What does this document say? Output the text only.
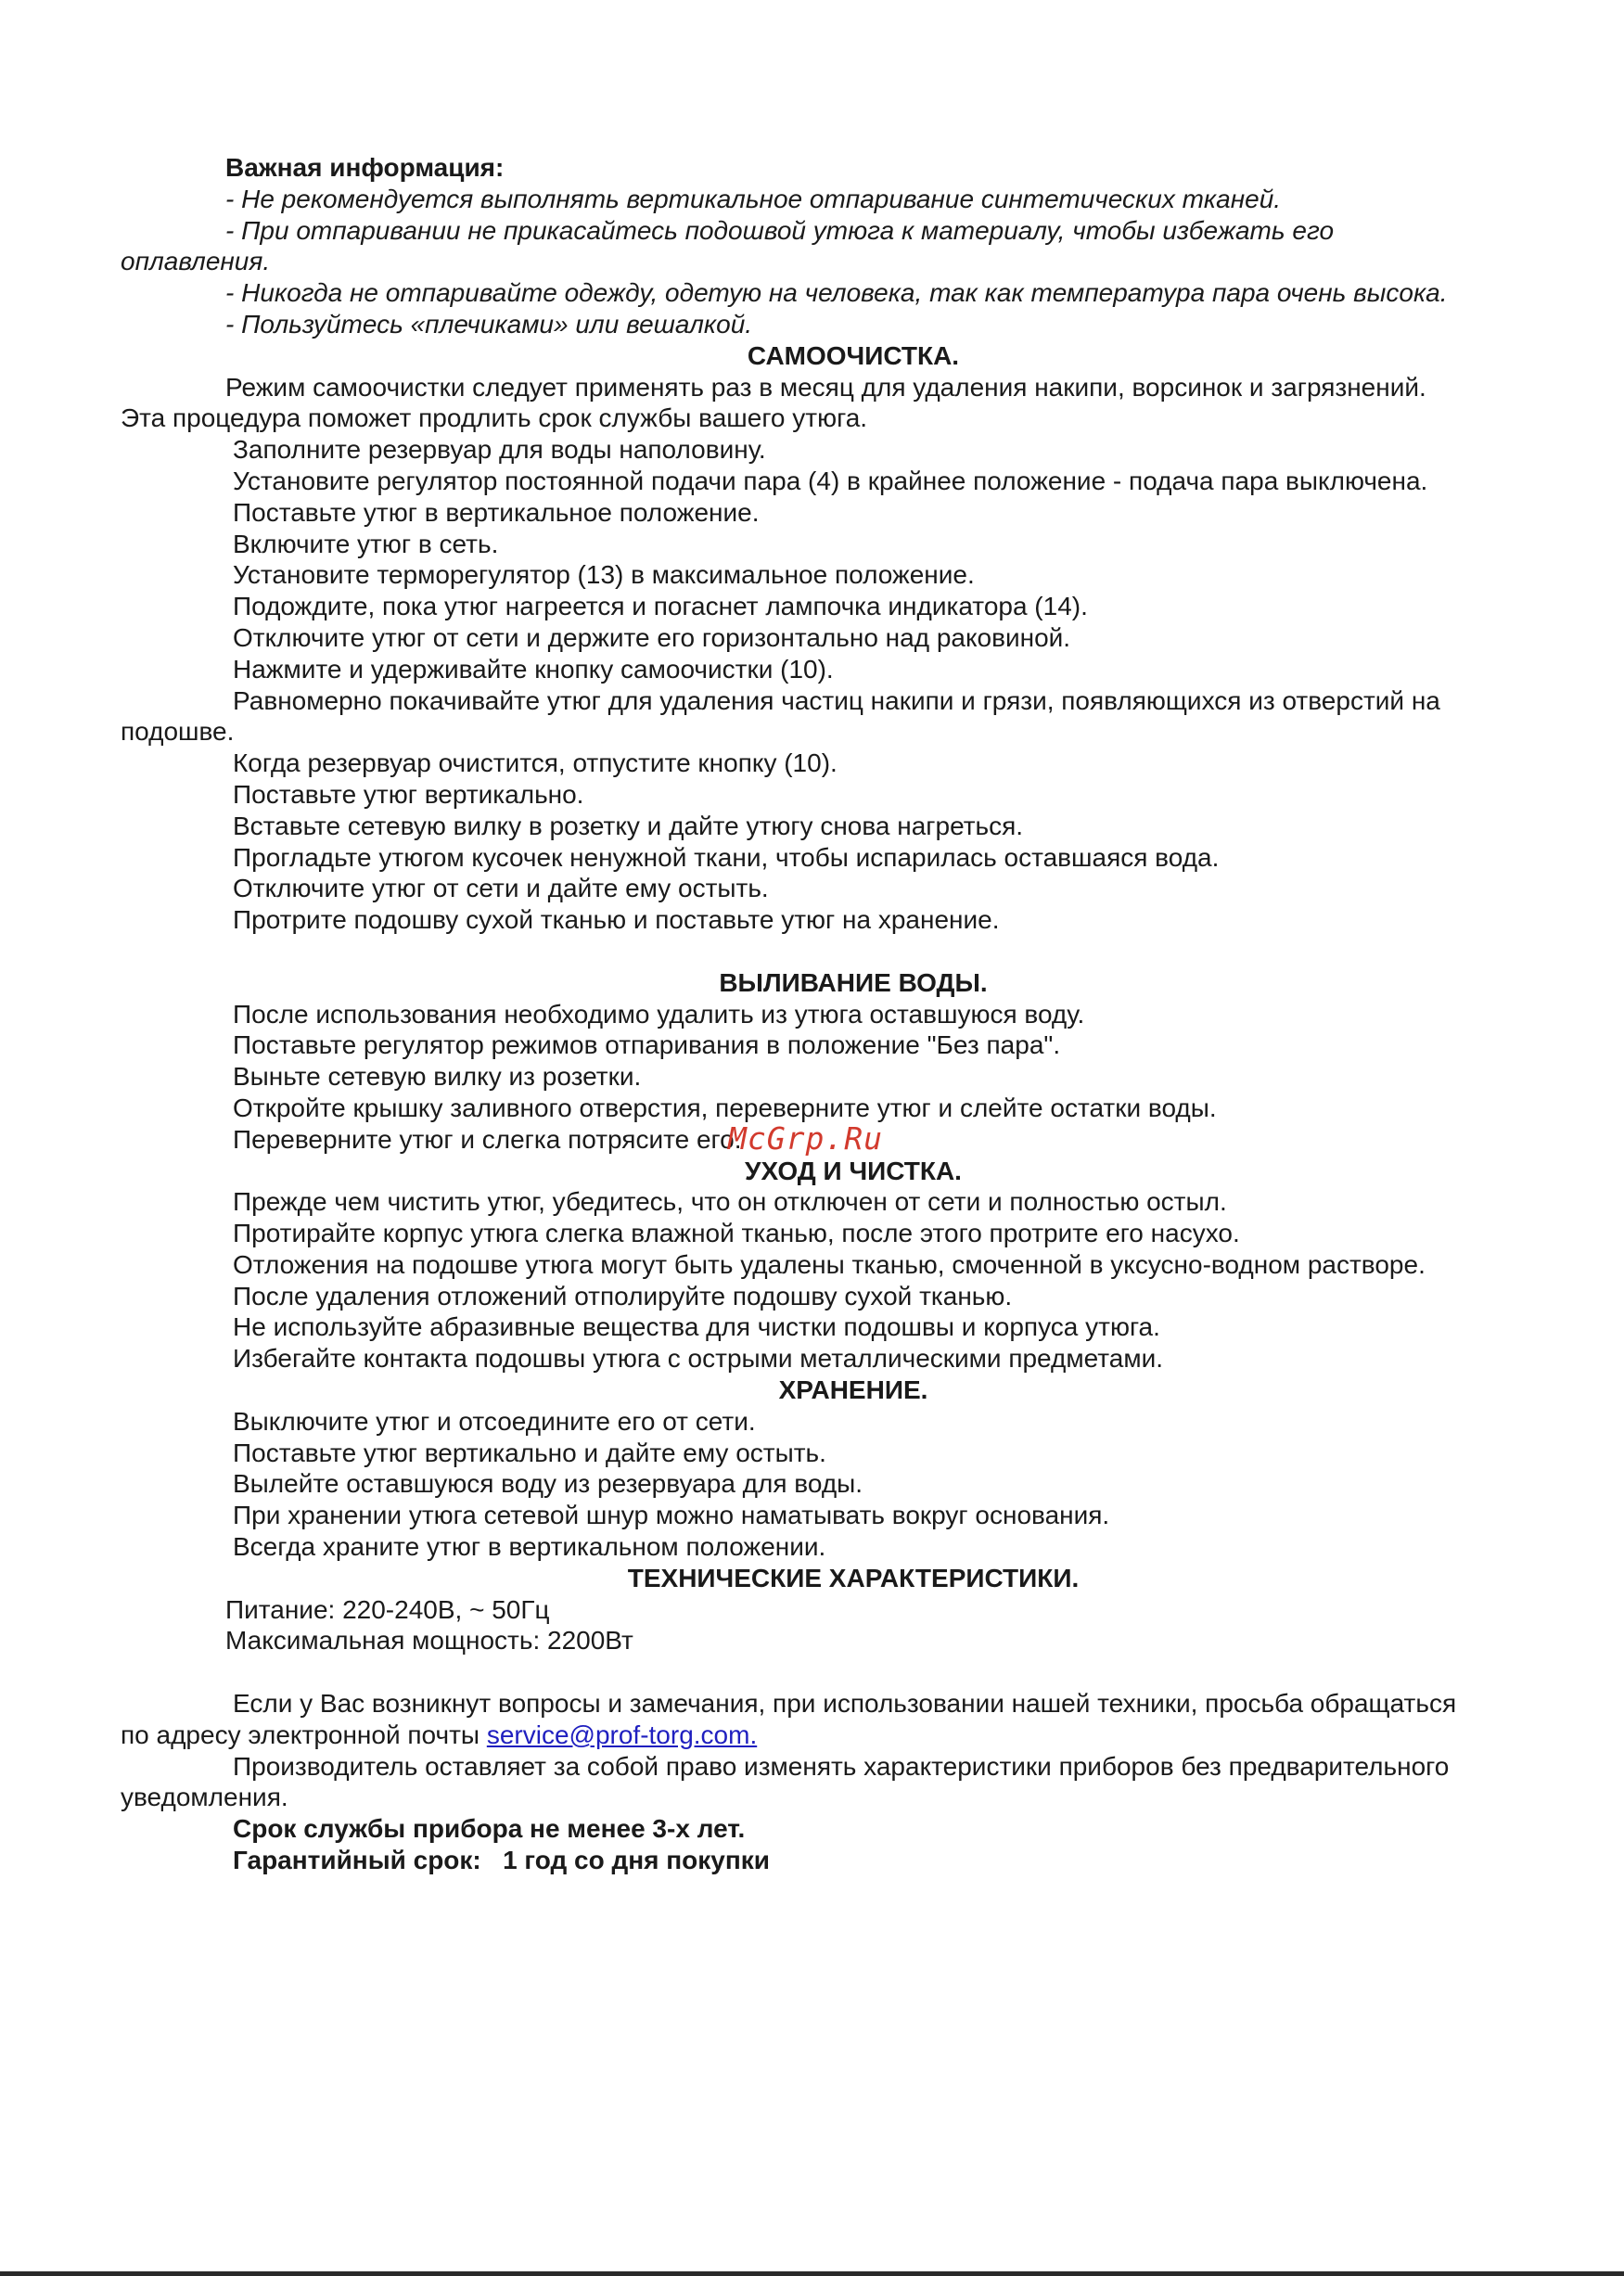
Важная информация:

- Не рекомендуется выполнять вертикальное отпаривание синтетических тканей.

- При отпаривании не прикасайтесь подошвой утюга к материалу, чтобы избежать его оплавления.

- Никогда не отпаривайте одежду, одетую на человека, так как температура пара очень высока.

- Пользуйтесь «плечиками» или вешалкой.

САМООЧИСТКА.

Режим самоочистки следует применять раз в месяц для удаления накипи, ворсинок и загрязнений. Эта процедура поможет продлить срок службы вашего утюга.

Заполните резервуар для воды наполовину.

Установите регулятор постоянной подачи пара (4) в крайнее положение - подача пара выключена.

Поставьте утюг в вертикальное положение.

Включите утюг в сеть.

Установите терморегулятор (13) в максимальное положение.

Подождите, пока утюг нагреется и погаснет лампочка индикатора (14).

Отключите утюг от сети и держите его горизонтально над раковиной.

Нажмите и удерживайте кнопку самоочистки (10).

Равномерно покачивайте утюг для удаления частиц накипи и грязи, появляющихся из отверстий на подошве.

Когда резервуар очистится, отпустите кнопку (10).

Поставьте утюг вертикально.

Вставьте сетевую вилку в розетку и дайте утюгу снова нагреться.

Прогладьте утюгом кусочек ненужной ткани, чтобы испарилась оставшаяся вода.

Отключите утюг от сети и дайте ему остыть.

Протрите подошву сухой тканью и поставьте утюг на хранение.

ВЫЛИВАНИЕ ВОДЫ.

После использования необходимо удалить из утюга оставшуюся воду.

Поставьте регулятор режимов отпаривания в положение "Без пара".

Выньте сетевую вилку из розетки.

Откройте крышку заливного отверстия, переверните утюг и слейте остатки воды.

Переверните утюг и слегка потрясите его.

УХОД И ЧИСТКА.

Прежде чем чистить утюг, убедитесь, что он отключен от сети и полностью остыл.

Протирайте корпус утюга слегка влажной тканью, после этого протрите его насухо.

Отложения на подошве утюга могут быть удалены тканью, смоченной в уксусно-водном растворе.

После удаления отложений отполируйте подошву сухой тканью.

Не используйте абразивные вещества для чистки подошвы и корпуса утюга.

Избегайте контакта подошвы утюга с острыми металлическими предметами.

ХРАНЕНИЕ.

Выключите утюг и отсоедините его от сети.

Поставьте утюг вертикально и дайте ему остыть.

Вылейте оставшуюся воду из резервуара для воды.

При хранении утюга сетевой шнур можно наматывать вокруг основания.

Всегда храните утюг в вертикальном положении.

ТЕХНИЧЕСКИЕ ХАРАКТЕРИСТИКИ.

Питание: 220-240В, ~ 50Гц

Максимальная мощность: 2200Вт

Если у Вас возникнут вопросы и замечания, при использовании нашей техники, просьба обращаться по адресу электронной почты service@prof-torg.com.

Производитель оставляет за собой право изменять характеристики приборов без предварительного уведомления.

Срок службы прибора не менее 3-х лет.

Гарантийный срок:   1 год со дня покупки

McGrp.Ru
